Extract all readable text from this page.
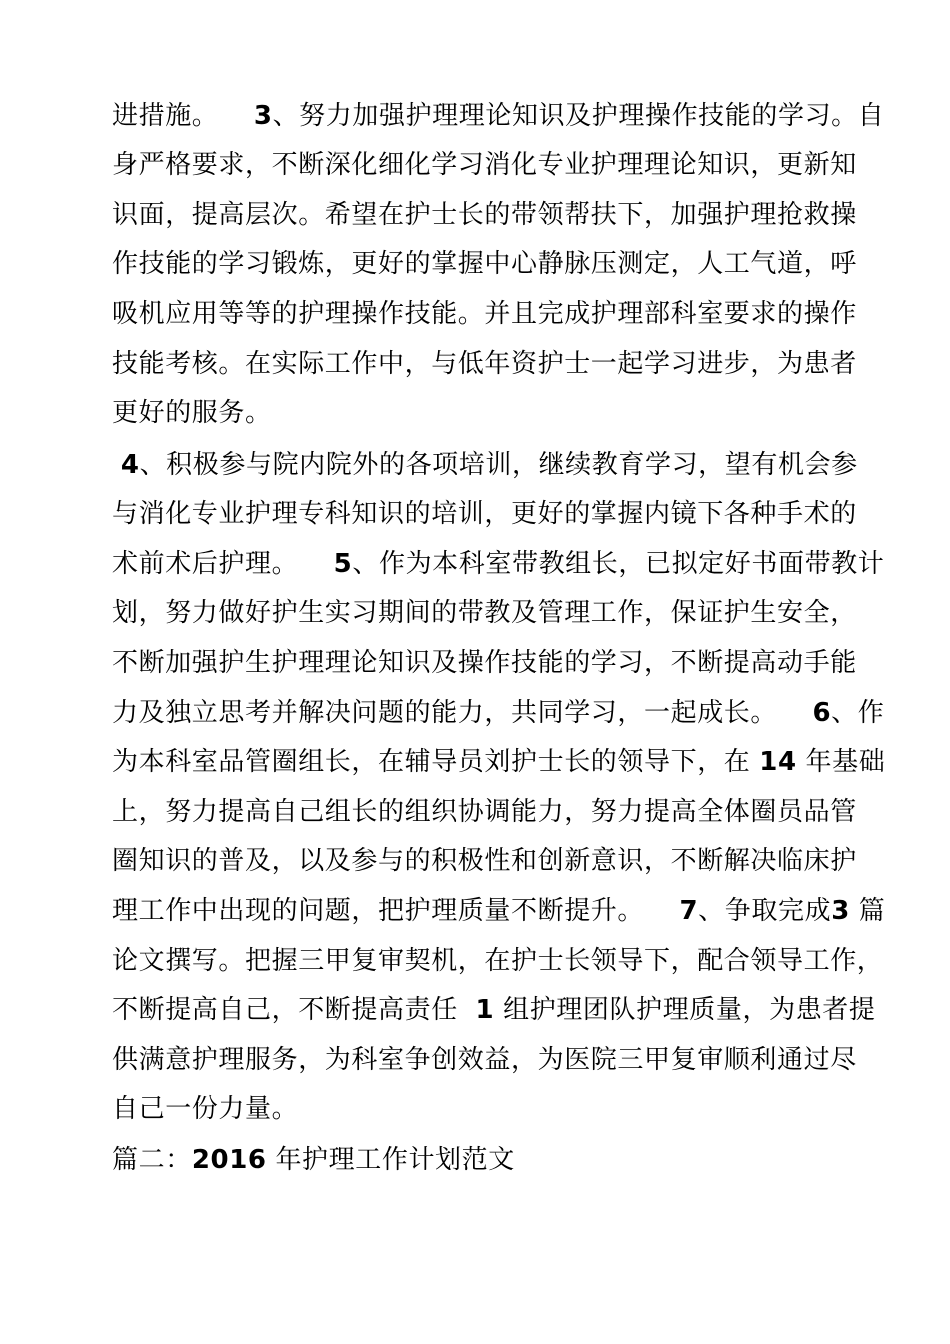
进措施。    3、努力加强护理理论知识及护理操作技能的学习。自
身严格要求，不断深化细化学习消化专业护理理论知识，更新知
识面，提高层次。希望在护士长的带领帮扶下，加强护理抢救操
作技能的学习锻炼，更好的掌握中心静脉压测定，人工气道，呼
吸机应用等等的护理操作技能。并且完成护理部科室要求的操作
技能考核。在实际工作中，与低年资护士一起学习进步，为患者
更好的服务。
4、积极参与院内院外的各项培训，继续教育学习，望有机会参
与消化专业护理专科知识的培训，更好的掌握内镜下各种手术的
术前术后护理。    5、作为本科室带教组长，已拟定好书面带教计
划，努力做好护生实习期间的带教及管理工作，保证护生安全，
不断加强护生护理理论知识及操作技能的学习，不断提高动手能
力及独立思考并解决问题的能力，共同学习，一起成长。    6、作
为本科室品管圈组长，在辅导员刘护士长的领导下，在 14 年基础
上，努力提高自己组长的组织协调能力，努力提高全体圈员品管
圈知识的普及，以及参与的积极性和创新意识，不断解决临床护
理工作中出现的问题，把护理质量不断提升。    7、争取完成3 篇
论文撰写。把握三甲复审契机，在护士长领导下，配合领导工作，
不断提高自己，不断提高责任  1 组护理团队护理质量，为患者提
供满意护理服务，为科室争创效益，为医院三甲复审顺利通过尽
自己一份力量。
篇二：2016 年护理工作计划范文
